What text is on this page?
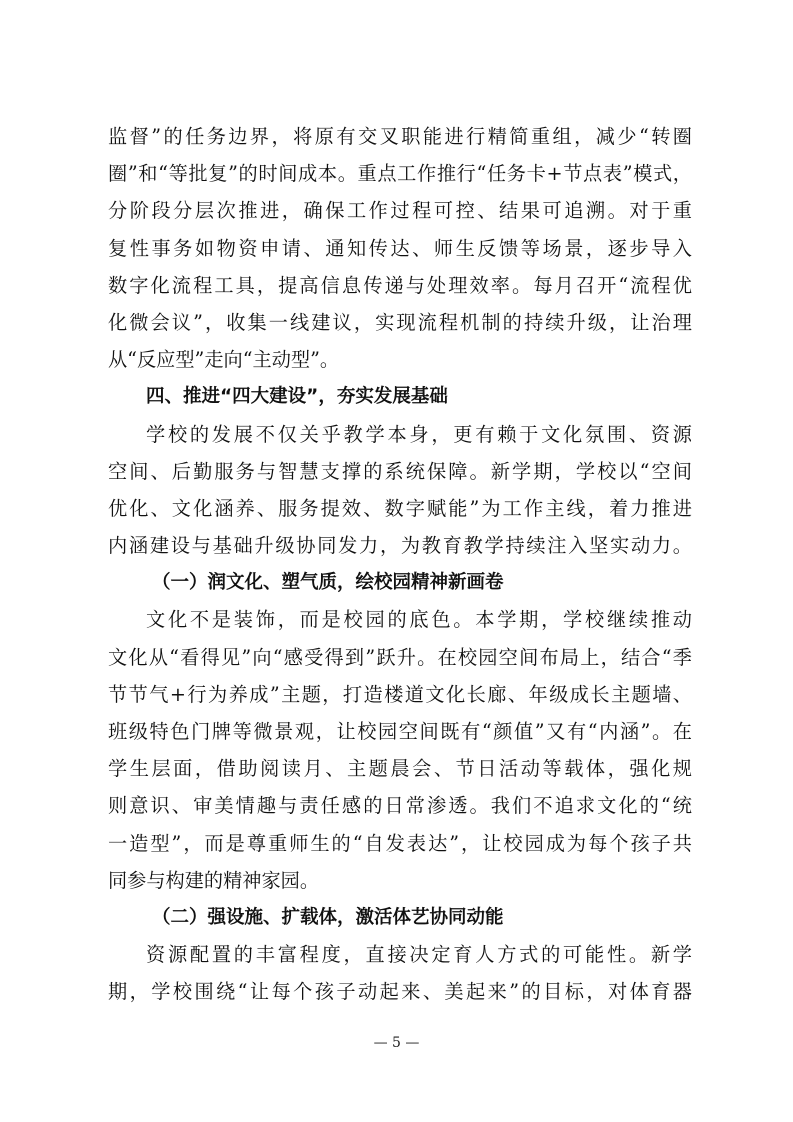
监督”的任务边界，将原有交叉职能进行精简重组，减少“转圈
圈”和“等批复”的时间成本。重点工作推行“任务卡+节点表”模式，
分阶段分层次推进，确保工作过程可控、结果可追溯。对于重
复性事务如物资申请、通知传达、师生反馈等场景，逐步导入
数字化流程工具，提高信息传递与处理效率。每月召开“流程优
化微会议”，收集一线建议，实现流程机制的持续升级，让治理
从“反应型”走向“主动型”。
四、推进“四大建设”，夯实发展基础
学校的发展不仅关乎教学本身，更有赖于文化氛围、资源
空间、后勤服务与智慧支撑的系统保障。新学期，学校以“空间
优化、文化涵养、服务提效、数字赋能”为工作主线，着力推进
内涵建设与基础升级协同发力，为教育教学持续注入坚实动力。
（一）润文化、塑气质，绘校园精神新画卷
文化不是装饰，而是校园的底色。本学期，学校继续推动
文化从“看得见”向“感受得到”跃升。在校园空间布局上，结合“季
节节气+行为养成”主题，打造楼道文化长廊、年级成长主题墙、
班级特色门牌等微景观，让校园空间既有“颜值”又有“内涵”。在
学生层面，借助阅读月、主题晨会、节日活动等载体，强化规
则意识、审美情趣与责任感的日常渗透。我们不追求文化的“统
一造型”，而是尊重师生的“自发表达”，让校园成为每个孩子共
同参与构建的精神家园。
（二）强设施、扩载体，激活体艺协同动能
资源配置的丰富程度，直接决定育人方式的可能性。新学
期，学校围绕“让每个孩子动起来、美起来”的目标，对体育器
— 5 —
